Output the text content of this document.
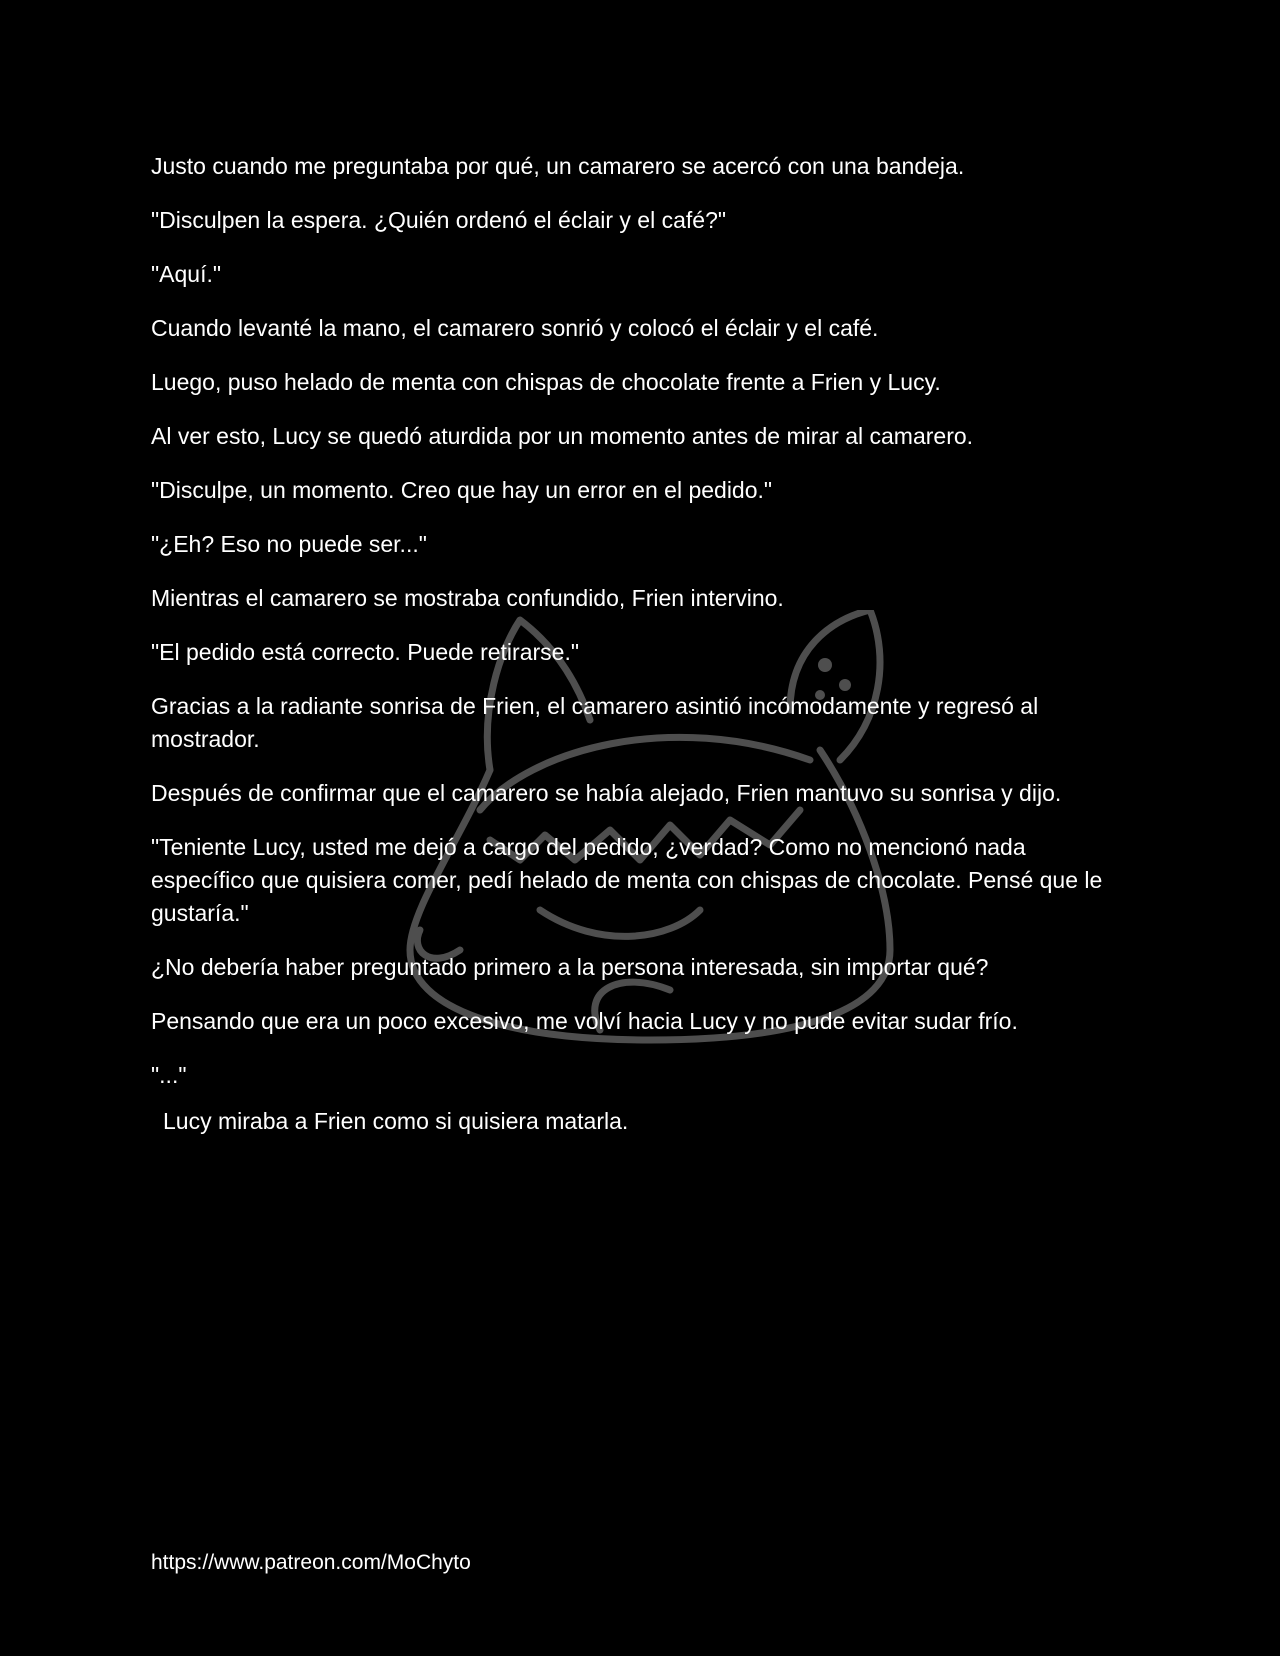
Justo cuando me preguntaba por qué, un camarero se acercó con una bandeja.

"Disculpen la espera. ¿Quién ordenó el éclair y el café?"

"Aquí."

Cuando levanté la mano, el camarero sonrió y colocó el éclair y el café.

Luego, puso helado de menta con chispas de chocolate frente a Frien y Lucy.

Al ver esto, Lucy se quedó aturdida por un momento antes de mirar al camarero.

"Disculpe, un momento. Creo que hay un error en el pedido."

"¿Eh? Eso no puede ser..."

Mientras el camarero se mostraba confundido, Frien intervino.

"El pedido está correcto. Puede retirarse."

Gracias a la radiante sonrisa de Frien, el camarero asintió incómodamente y regresó al mostrador.

Después de confirmar que el camarero se había alejado, Frien mantuvo su sonrisa y dijo.

"Teniente Lucy, usted me dejó a cargo del pedido, ¿verdad? Como no mencionó nada específico que quisiera comer, pedí helado de menta con chispas de chocolate. Pensé que le gustaría."

¿No debería haber preguntado primero a la persona interesada, sin importar qué?

Pensando que era un poco excesivo, me volví hacia Lucy y no pude evitar sudar frío.

"..."

Lucy miraba a Frien como si quisiera matarla.

https://www.patreon.com/MoChyto
